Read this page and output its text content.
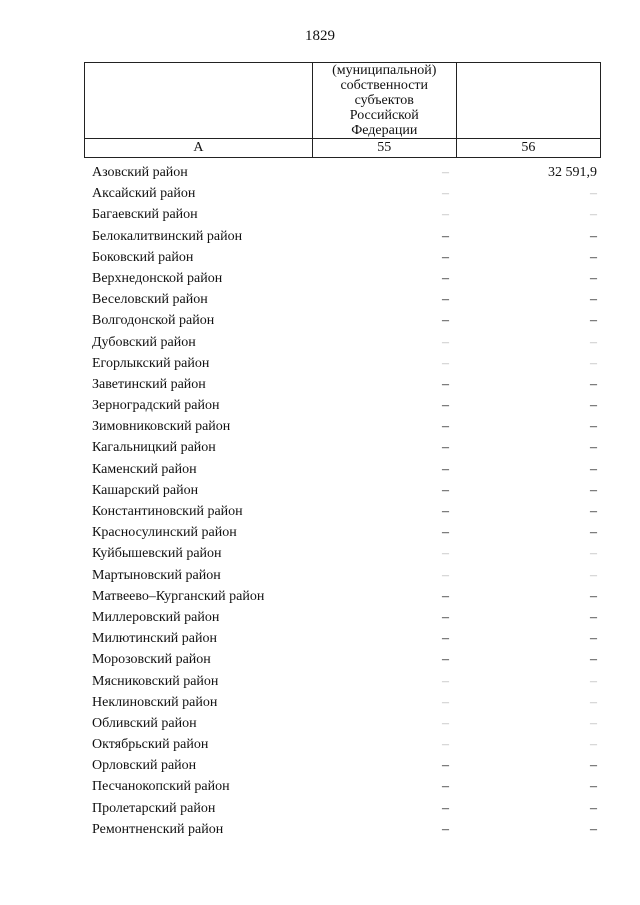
1829

	(муниципальной)
собственности
субъектов
Российской
Федерации	

А	55	56
Азовский район	–	32 591,9
Аксайский район	–	–
Багаевский район	–	–
Белокалитвинский район	–	–
Боковский район	–	–
Верхнедонской район	–	–
Веселовский район	–	–
Волгодонской район	–	–
Дубовский район	–	–
Егорлыкский район	–	–
Заветинский район	–	–
Зерноградский район	–	–
Зимовниковский район	–	–
Кагальницкий район	–	–
Каменский район	–	–
Кашарский район	–	–
Константиновский район	–	–
Красносулинский район	–	–
Куйбышевский район	–	–
Мартыновский район	–	–
Матвеево–Курганский район	–	–
Миллеровский район	–	–
Милютинский район	–	–
Морозовский район	–	–
Мясниковский район	–	–
Неклиновский район	–	–
Обливский район	–	–
Октябрьский район	–	–
Орловский район	–	–
Песчанокопский район	–	–
Пролетарский район	–	–
Ремонтненский район	–	–
